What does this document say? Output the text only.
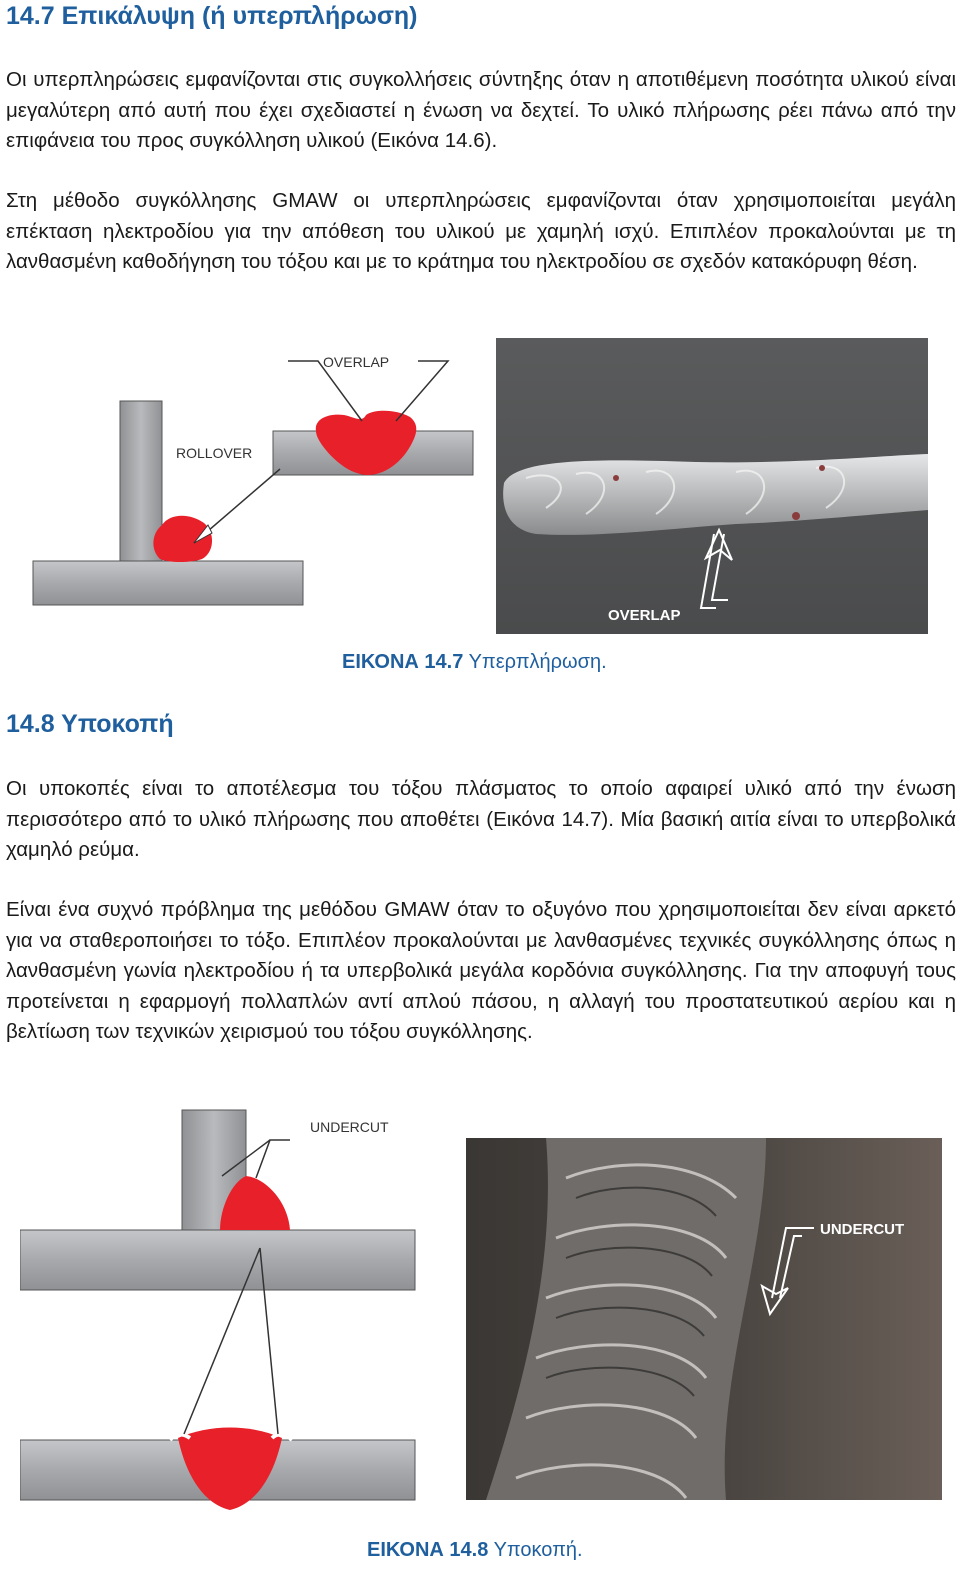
14.7 Επικάλυψη (ή υπερπλήρωση)

Οι υπερπληρώσεις εμφανίζονται στις συγκολλήσεις σύντηξης όταν η αποτιθέμενη ποσότητα υλικού είναι μεγαλύτερη από αυτή που έχει σχεδιαστεί η ένωση να δεχτεί. Το υλικό πλήρωσης ρέει πάνω από την επιφάνεια του προς συγκόλληση υλικού (Εικόνα 14.6).

Στη μέθοδο συγκόλλησης GMAW οι υπερπληρώσεις εμφανίζονται όταν χρησιμοποιείται μεγάλη επέκταση ηλεκτροδίου για την απόθεση του υλικού με χαμηλή ισχύ. Επιπλέον προκαλούνται με τη λανθασμένη καθοδήγηση του τόξου και με το κράτημα του ηλεκτροδίου σε σχεδόν κατακόρυφη θέση.

OVERLAP
ROLLOVER
OVERLAP

ΕΙΚΟΝΑ 14.7 Υπερπλήρωση.

14.8 Υποκοπή

Οι υποκοπές είναι το αποτέλεσμα του τόξου πλάσματος το οποίο αφαιρεί υλικό από την ένωση περισσότερο από το υλικό πλήρωσης που αποθέτει (Εικόνα 14.7). Μία βασική αιτία είναι το υπερβολικά χαμηλό ρεύμα.

Είναι ένα συχνό πρόβλημα της μεθόδου GMAW όταν το οξυγόνο που χρησιμοποιείται δεν είναι αρκετό για να σταθεροποιήσει το τόξο. Επιπλέον προκαλούνται με λανθασμένες τεχνικές συγκόλλησης όπως η λανθασμένη γωνία ηλεκτροδίου ή τα υπερβολικά μεγάλα κορδόνια συγκόλλησης. Για την αποφυγή τους προτείνεται η εφαρμογή πολλαπλών αντί απλού πάσου, η αλλαγή του προστατευτικού αερίου και η βελτίωση των τεχνικών χειρισμού του τόξου συγκόλλησης.

UNDERCUT
UNDERCUT

ΕΙΚΟΝΑ 14.8 Υποκοπή.
